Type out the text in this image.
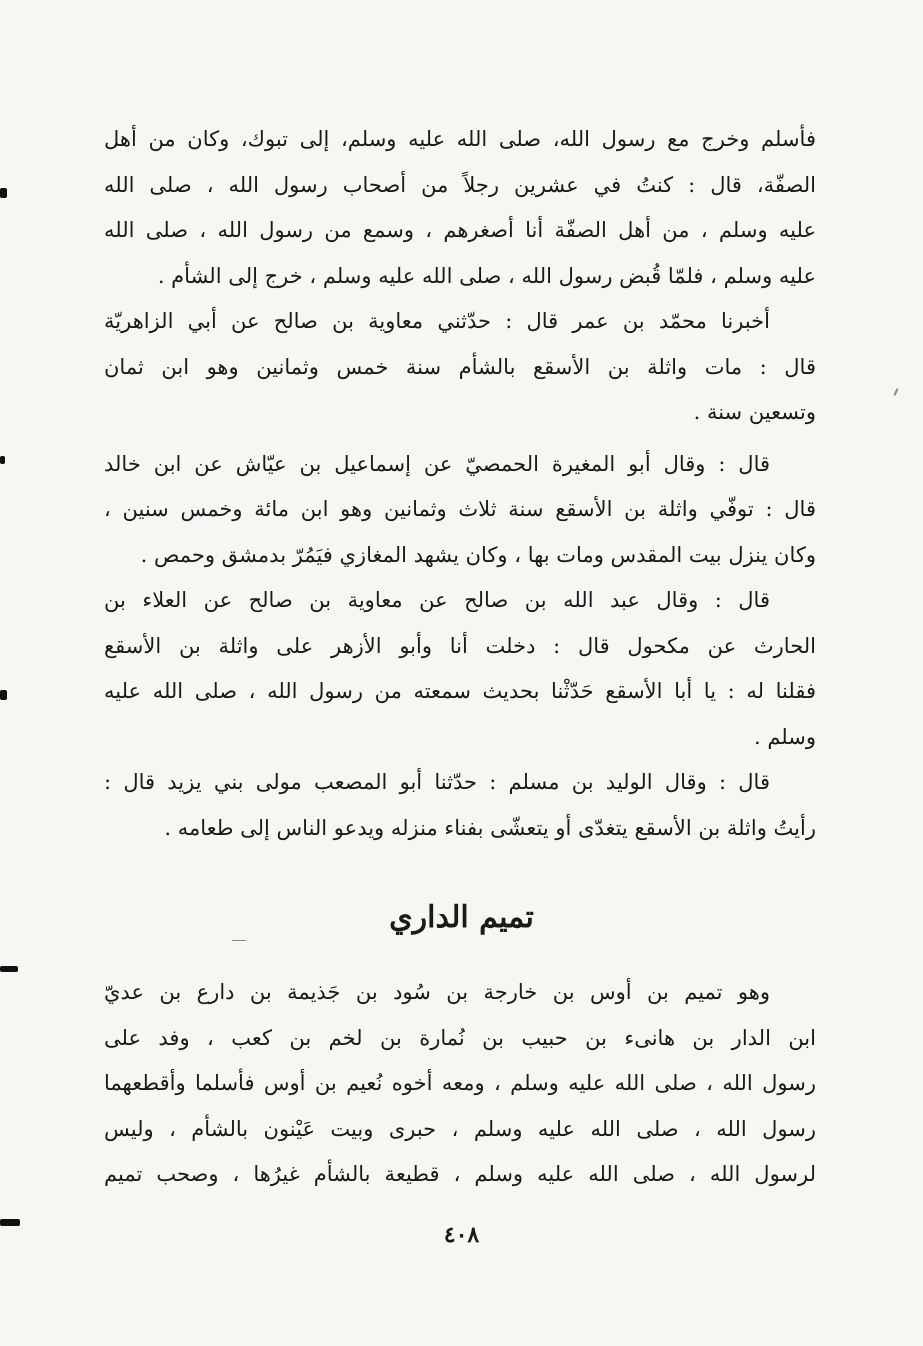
فأسلم وخرج مع رسول الله، صلى الله عليه وسلم، إلى تبوك، وكان من أهل
الصفّة، قال : كنتُ في عشرين رجلاً من أصحاب رسول الله ، صلى الله
عليه وسلم ، من أهل الصفّة أنا أصغرهم ، وسمع من رسول الله ، صلى الله
عليه وسلم ، فلمّا قُبض رسول الله ، صلى الله عليه وسلم ، خرج إلى الشأم .
أخبرنا محمّد بن عمر قال : حدّثني معاوية بن صالح عن أبي الزاهريّة
قال : مات واثلة بن الأسقع بالشأم سنة خمس وثمانين وهو ابن ثمان
وتسعين سنة .
قال : وقال أبو المغيرة الحمصيّ عن إسماعيل بن عيّاش عن ابن خالد
قال : توفّي واثلة بن الأسقع سنة ثلاث وثمانين وهو ابن مائة وخمس سنين ،
وكان ينزل بيت المقدس ومات بها ، وكان يشهد المغازي فيَمُرّ بدمشق وحمص .
قال : وقال عبد الله بن صالح عن معاوية بن صالح عن العلاء بن
الحارث عن مكحول قال : دخلت أنا وأبو الأزهر على واثلة بن الأسقع
فقلنا له : يا أبا الأسقع حَدّثْنا بحديث سمعته من رسول الله ، صلى الله عليه
وسلم .
قال : وقال الوليد بن مسلم : حدّثنا أبو المصعب مولى بني يزيد قال :
رأيتُ واثلة بن الأسقع يتغدّى أو يتعشّى بفناء منزله ويدعو الناس إلى طعامه .
تميم الداري
وهو تميم بن أوس بن خارجة بن سُود بن جَذيمة بن دارع بن عديّ
ابن الدار بن هانىء بن حبيب بن نُمارة بن لخم بن كعب ، وفد على
رسول الله ، صلى الله عليه وسلم ، ومعه أخوه نُعيم بن أوس فأسلما وأقطعهما
رسول الله ، صلى الله عليه وسلم ، حبرى وبيت عَيْنون بالشأم ، وليس
لرسول الله ، صلى الله عليه وسلم ، قطيعة بالشأم غيرُها ، وصحب تميم
٤٠٨
